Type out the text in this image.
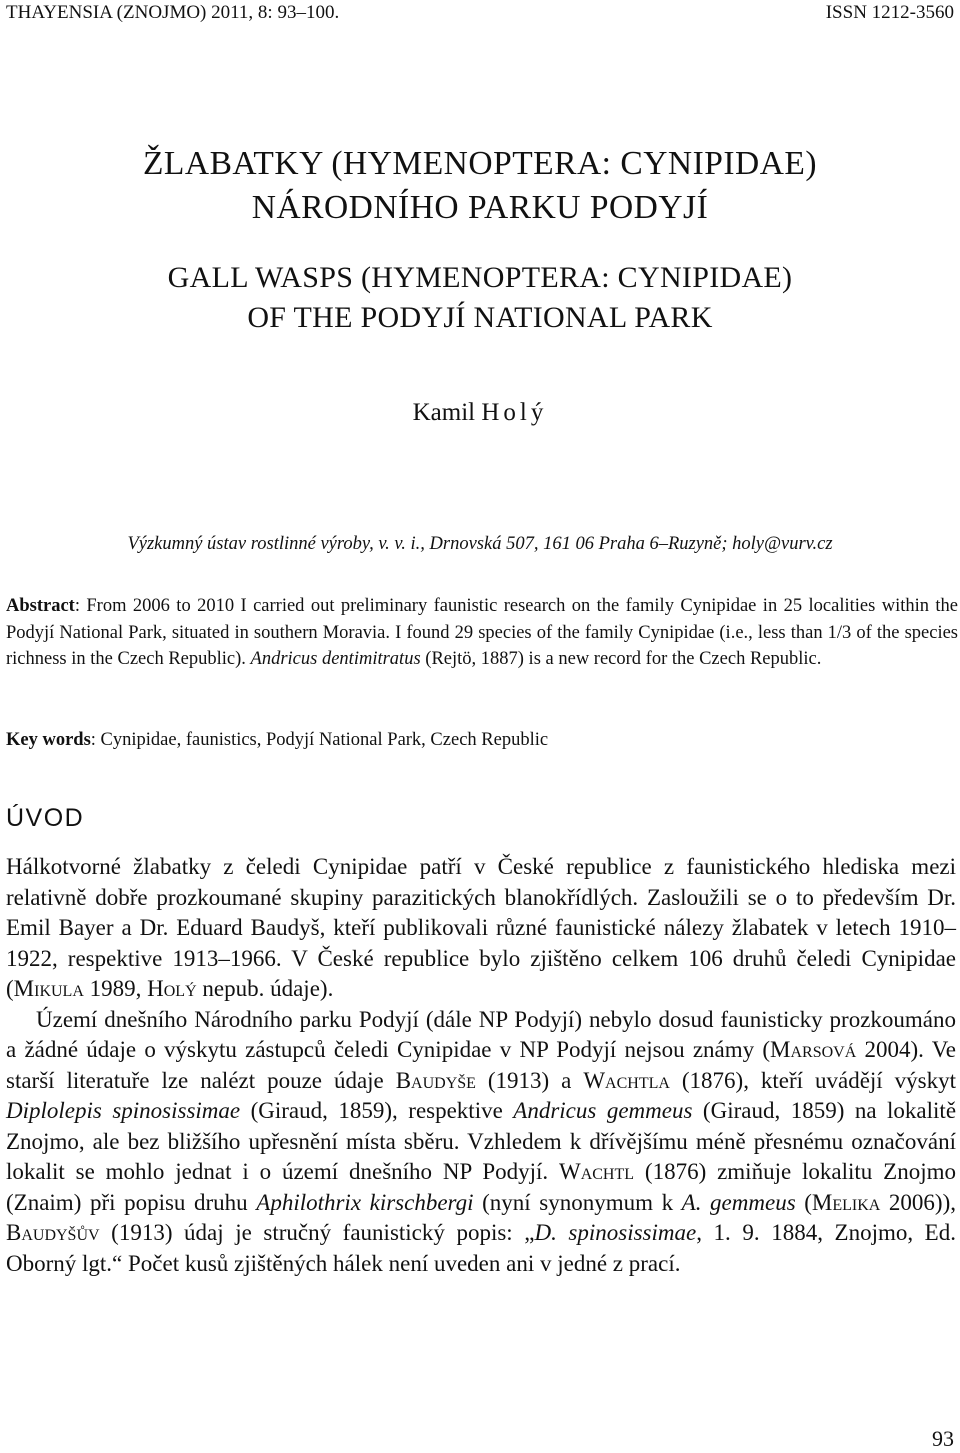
THAYENSIA (ZNOJMO) 2011, 8: 93–100.	ISSN 1212-3560
ŽLABATKY (HYMENOPTERA: CYNIPIDAE)
NÁRODNÍHO PARKU PODYJÍ
GALL WASPS (HYMENOPTERA: CYNIPIDAE)
OF THE PODYJÍ NATIONAL PARK
Kamil Holý
Výzkumný ústav rostlinné výroby, v. v. i., Drnovská 507, 161 06 Praha 6–Ruzyně; holy@vurv.cz

Abstract: From 2006 to 2010 I carried out preliminary faunistic research on the family Cynipidae in 25 localities within the Podyjí National Park, situated in southern Moravia. I found 29 species of the family Cynipidae (i.e., less than 1/3 of the species richness in the Czech Republic). Andricus dentimitratus (Rejtö, 1887) is a new record for the Czech Republic.

Key words: Cynipidae, faunistics, Podyjí National Park, Czech Republic

ÚVOD

Hálkotvorné žlabatky z čeledi Cynipidae patří v České republice z faunistického hlediska mezi relativně dobře prozkoumané skupiny parazitických blanokřídlých. Zasloužili se o to především Dr. Emil Bayer a Dr. Eduard Baudyš, kteří publikovali různé faunistické nálezy žlabatek v letech 1910–1922, respektive 1913–1966. V České republice bylo zjištěno celkem 106 druhů čeledi Cynipidae (Mikula 1989, Holý nepub. údaje).

Území dnešního Národního parku Podyjí (dále NP Podyjí) nebylo dosud faunisticky prozkoumáno a žádné údaje o výskytu zástupců čeledi Cynipidae v NP Podyjí nejsou známy (Marsová 2004). Ve starší literatuře lze nalézt pouze údaje Baudyše (1913) a Wachtla (1876), kteří uvádějí výskyt Diplolepis spinosissimae (Giraud, 1859), respektive Andricus gemmeus (Giraud, 1859) na lokalitě Znojmo, ale bez bližšího upřesnění místa sběru. Vzhledem k dřívějšímu méně přesnému označování lokalit se mohlo jednat i o území dnešního NP Podyjí. Wachtl (1876) zmiňuje lokalitu Znojmo (Znaim) při popisu druhu Aphilothrix kirschbergi (nyní synonymum k A. gemmeus (Melika 2006)), Baudyšův (1913) údaj je stručný faunistický popis: „D. spinosissimae, 1. 9. 1884, Znojmo, Ed. Oborný lgt.“ Počet kusů zjištěných hálek není uveden ani v jedné z prací.

93
